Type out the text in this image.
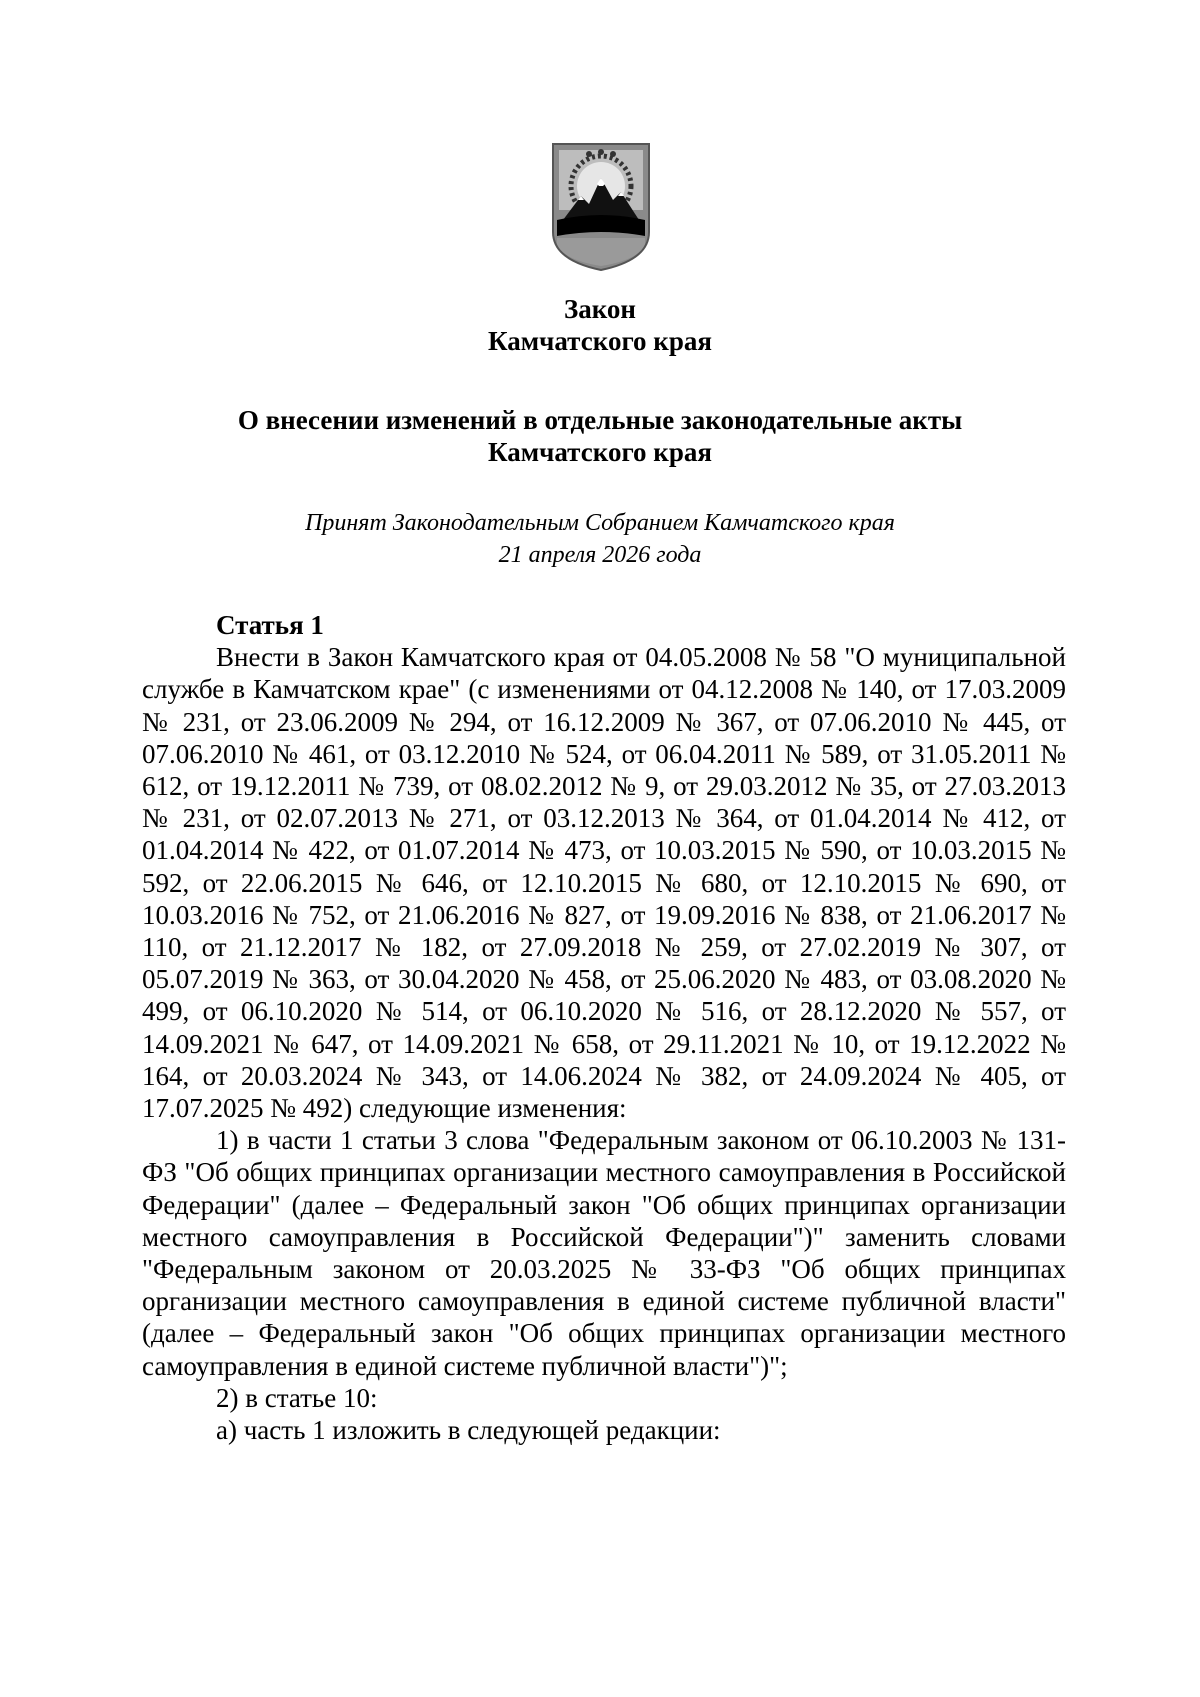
Закон
Камчатского края
О внесении изменений в отдельные законодательные акты
Камчатского края
Принят Законодательным Собранием Камчатского края
21 апреля 2026 года

Статья 1

Внести в Закон Камчатского края от 04.05.2008 № 58 "О муниципальной службе в Камчатском крае" (с изменениями от 04.12.2008 № 140, от 17.03.2009 № 231, от 23.06.2009 № 294, от 16.12.2009 № 367, от 07.06.2010 № 445, от 07.06.2010 № 461, от 03.12.2010 № 524, от 06.04.2011 № 589, от 31.05.2011 № 612, от 19.12.2011 № 739, от 08.02.2012 № 9, от 29.03.2012 № 35, от 27.03.2013 № 231, от 02.07.2013 № 271, от 03.12.2013 № 364, от 01.04.2014 № 412, от 01.04.2014 № 422, от 01.07.2014 № 473, от 10.03.2015 № 590, от 10.03.2015 № 592, от 22.06.2015 № 646, от 12.10.2015 № 680, от 12.10.2015 № 690, от 10.03.2016 № 752, от 21.06.2016 № 827, от 19.09.2016 № 838, от 21.06.2017 № 110, от 21.12.2017 № 182, от 27.09.2018 № 259, от 27.02.2019 № 307, от 05.07.2019 № 363, от 30.04.2020 № 458, от 25.06.2020 № 483, от 03.08.2020 № 499, от 06.10.2020 № 514, от 06.10.2020 № 516, от 28.12.2020 № 557, от 14.09.2021 № 647, от 14.09.2021 № 658, от 29.11.2021 № 10, от 19.12.2022 № 164, от 20.03.2024 № 343, от 14.06.2024 № 382, от 24.09.2024 № 405, от 17.07.2025 № 492) следующие изменения:

1) в части 1 статьи 3 слова "Федеральным законом от 06.10.2003 № 131-ФЗ "Об общих принципах организации местного самоуправления в Российской Федерации" (далее – Федеральный закон "Об общих принципах организации местного самоуправления в Российской Федерации")" заменить словами "Федеральным законом от 20.03.2025 № 33-ФЗ "Об общих принципах организации местного самоуправления в единой системе публичной власти" (далее – Федеральный закон "Об общих принципах организации местного самоуправления в единой системе публичной власти")";

2) в статье 10:

а) часть 1 изложить в следующей редакции:
